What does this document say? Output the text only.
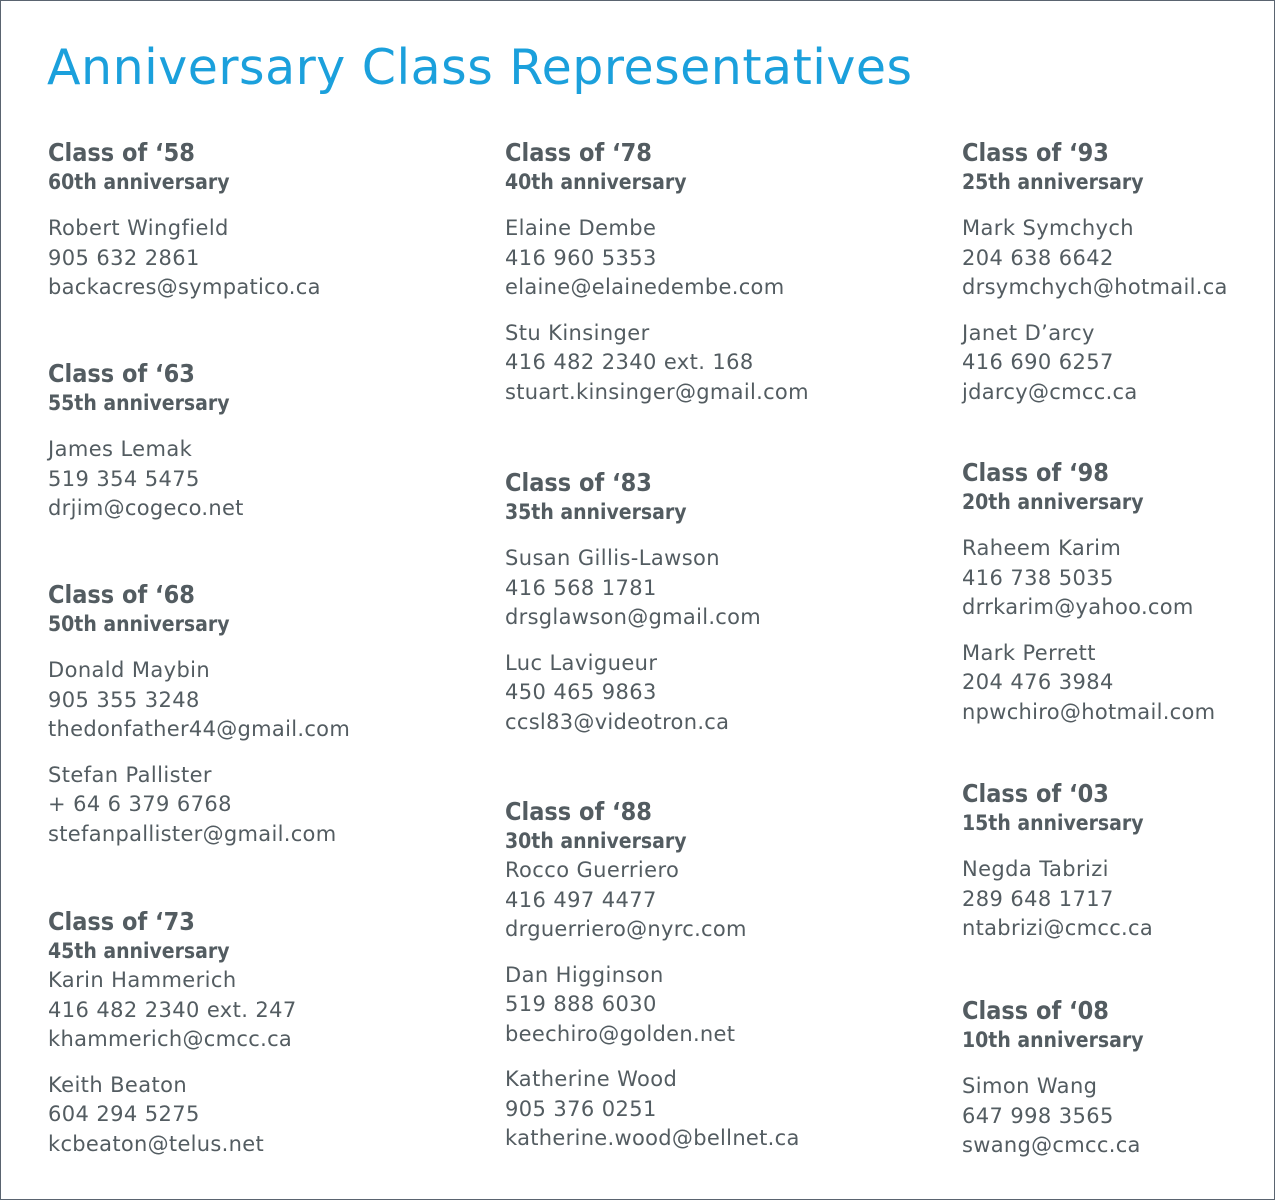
Anniversary Class Representatives
Class of ‘58
60th anniversary
Robert Wingfield
905 632 2861
backacres@sympatico.ca
Class of ‘63
55th anniversary
James Lemak
519 354 5475
drjim@cogeco.net
Class of ‘68
50th anniversary
Donald Maybin
905 355 3248
thedonfather44@gmail.com
Stefan Pallister
+ 64 6 379 6768
stefanpallister@gmail.com
Class of ‘73
45th anniversary
Karin Hammerich
416 482 2340 ext. 247
khammerich@cmcc.ca
Keith Beaton
604 294 5275
kcbeaton@telus.net
Class of ‘78
40th anniversary
Elaine Dembe
416 960 5353
elaine@elainedembe.com
Stu Kinsinger
416 482 2340 ext. 168
stuart.kinsinger@gmail.com
Class of ‘83
35th anniversary
Susan Gillis-Lawson
416 568 1781
drsglawson@gmail.com
Luc Lavigueur
450 465 9863
ccsl83@videotron.ca
Class of ‘88
30th anniversary
Rocco Guerriero
416 497 4477
drguerriero@nyrc.com
Dan Higginson
519 888 6030
beechiro@golden.net
Katherine Wood
905 376 0251
katherine.wood@bellnet.ca
Class of ‘93
25th anniversary
Mark Symchych
204 638 6642
drsymchych@hotmail.ca
Janet D’arcy
416 690 6257
jdarcy@cmcc.ca
Class of ‘98
20th anniversary
Raheem Karim
416 738 5035
drrkarim@yahoo.com
Mark Perrett
204 476 3984
npwchiro@hotmail.com
Class of ‘03
15th anniversary
Negda Tabrizi
289 648 1717
ntabrizi@cmcc.ca
Class of ‘08
10th anniversary
Simon Wang
647 998 3565
swang@cmcc.ca
